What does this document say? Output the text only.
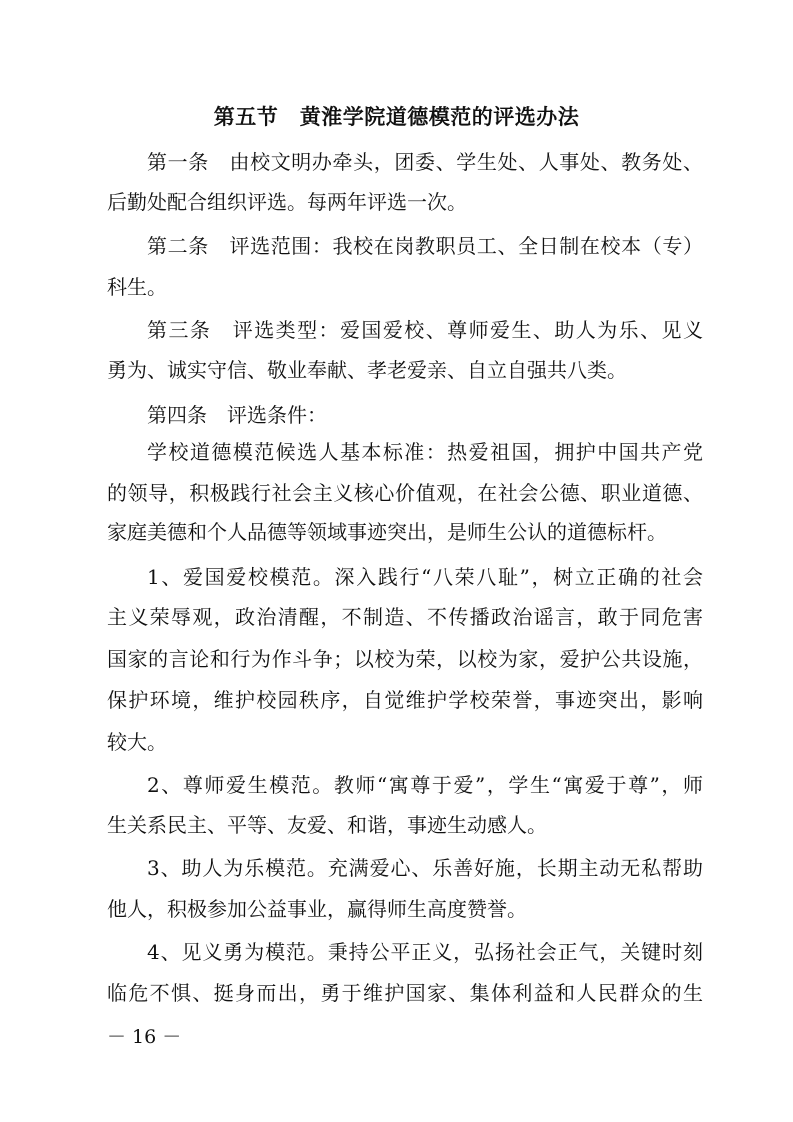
第五节　黄淮学院道德模范的评选办法
第一条　由校文明办牵头，团委、学生处、人事处、教务处、
后勤处配合组织评选。每两年评选一次。
第二条　评选范围：我校在岗教职员工、全日制在校本（专）
科生。
第三条　评选类型：爱国爱校、尊师爱生、助人为乐、见义
勇为、诚实守信、敬业奉献、孝老爱亲、自立自强共八类。
第四条　评选条件：
学校道德模范候选人基本标准：热爱祖国，拥护中国共产党
的领导，积极践行社会主义核心价值观，在社会公德、职业道德、
家庭美德和个人品德等领域事迹突出，是师生公认的道德标杆。
1、爱国爱校模范。深入践行“八荣八耻”，树立正确的社会
主义荣辱观，政治清醒，不制造、不传播政治谣言，敢于同危害
国家的言论和行为作斗争；以校为荣，以校为家，爱护公共设施，
保护环境，维护校园秩序，自觉维护学校荣誉，事迹突出，影响
较大。
2、尊师爱生模范。教师“寓尊于爱”，学生“寓爱于尊”，师
生关系民主、平等、友爱、和谐，事迹生动感人。
3、助人为乐模范。充满爱心、乐善好施，长期主动无私帮助
他人，积极参加公益事业，赢得师生高度赞誉。
4、见义勇为模范。秉持公平正义，弘扬社会正气，关键时刻
临危不惧、挺身而出，勇于维护国家、集体利益和人民群众的生
－ 16 －
